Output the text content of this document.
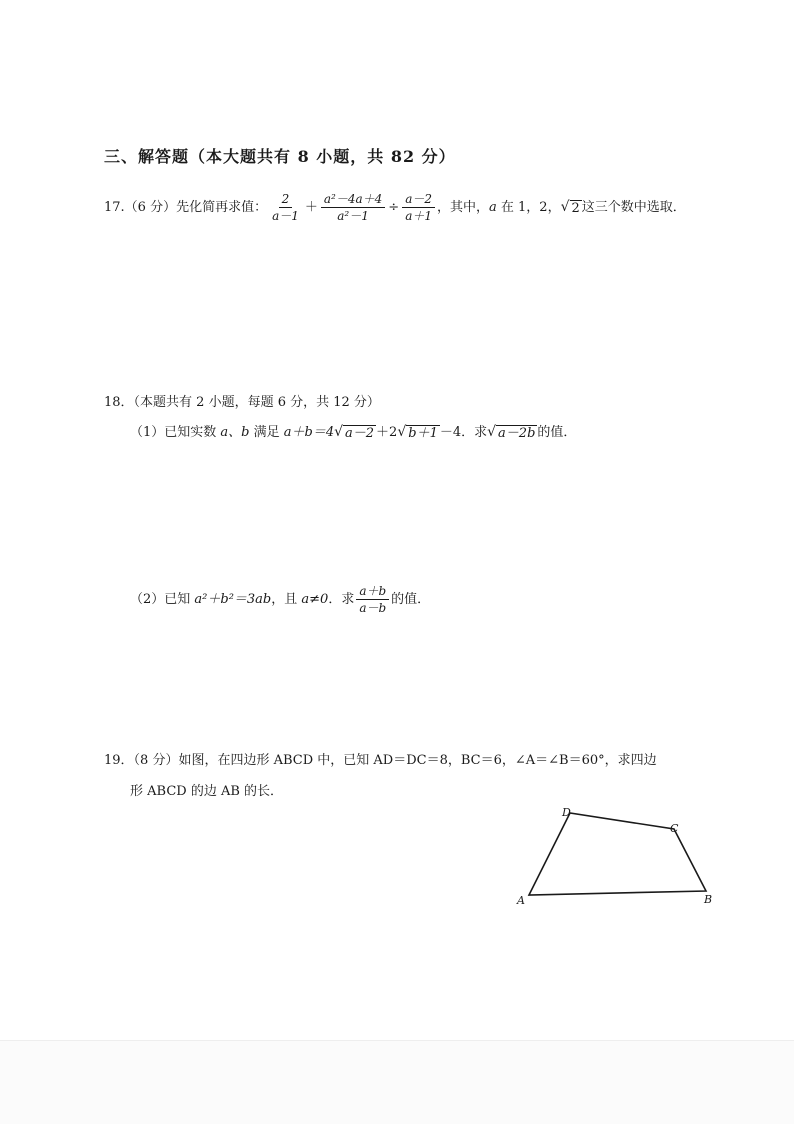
三、解答题（本大题共有 8 小题，共 82 分）
17.（6 分）先化简再求值： $\frac{2}{a-1} + \frac{\text{a²－4a＋4}}{\text{a²－1}} \div \frac{a-2}{a+1}$ ，其中，a 在 1，2， √ 2 这三个数中选取．
18．（本题共有 2 小题，每题 6 分，共 12 分）
（1）已知实数 a、b 满足 a＋b＝4 √ a－2 ＋2 √ b＋1 －4．求 √ a－2b 的值．
（2）已知 a²＋b²＝3ab，且 a≠0．求 $\frac{a+b}{a-b}$ 的值．
19．（8 分）如图，在四边形 ABCD 中，已知 AD＝DC＝8，BC＝6，∠A＝∠B＝60°，求四边
形 ABCD 的边 AB 的长．
A	B
C
D
